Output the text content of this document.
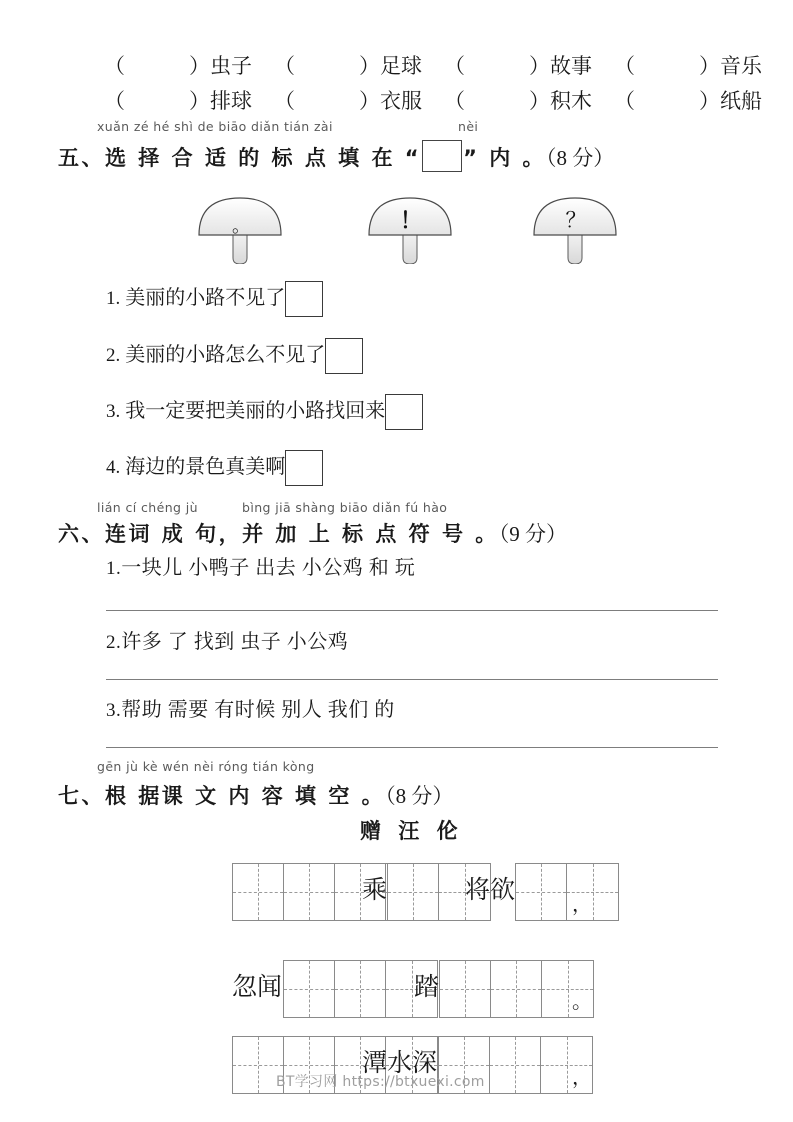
（	）虫子 （	）足球 （	）故事 （	）音乐
（	）排球 （	）衣服 （	）积木 （	）纸船
xuǎn zé hé shì de biāo diǎn tián zài	nèi
五、选 择 合 适 的 标 点 填 在 “ ” 内 。（8 分）
。	！	？
1. 美丽的小路不见了
2. 美丽的小路怎么不见了
3. 我一定要把美丽的小路找回来
4. 海边的景色真美啊
lián cí chéng jù	bìng jiā shàng biāo diǎn fú hào
六、连词 成 句，并 加 上 标 点 符 号 。（9 分）
1.一块儿 小鸭子 出去 小公鸡 和 玩
2.许多 了 找到 虫子 小公鸡
3.帮助 需要 有时候 别人 我们 的
gēn jù kè wén nèi róng tián kòng
七、根 据课 文 内 容 填 空 。（8 分）
赠 汪 伦
乘	将欲
，
忽闻	踏
。
潭水深
，
BT学习网 https://btxuexi.com
